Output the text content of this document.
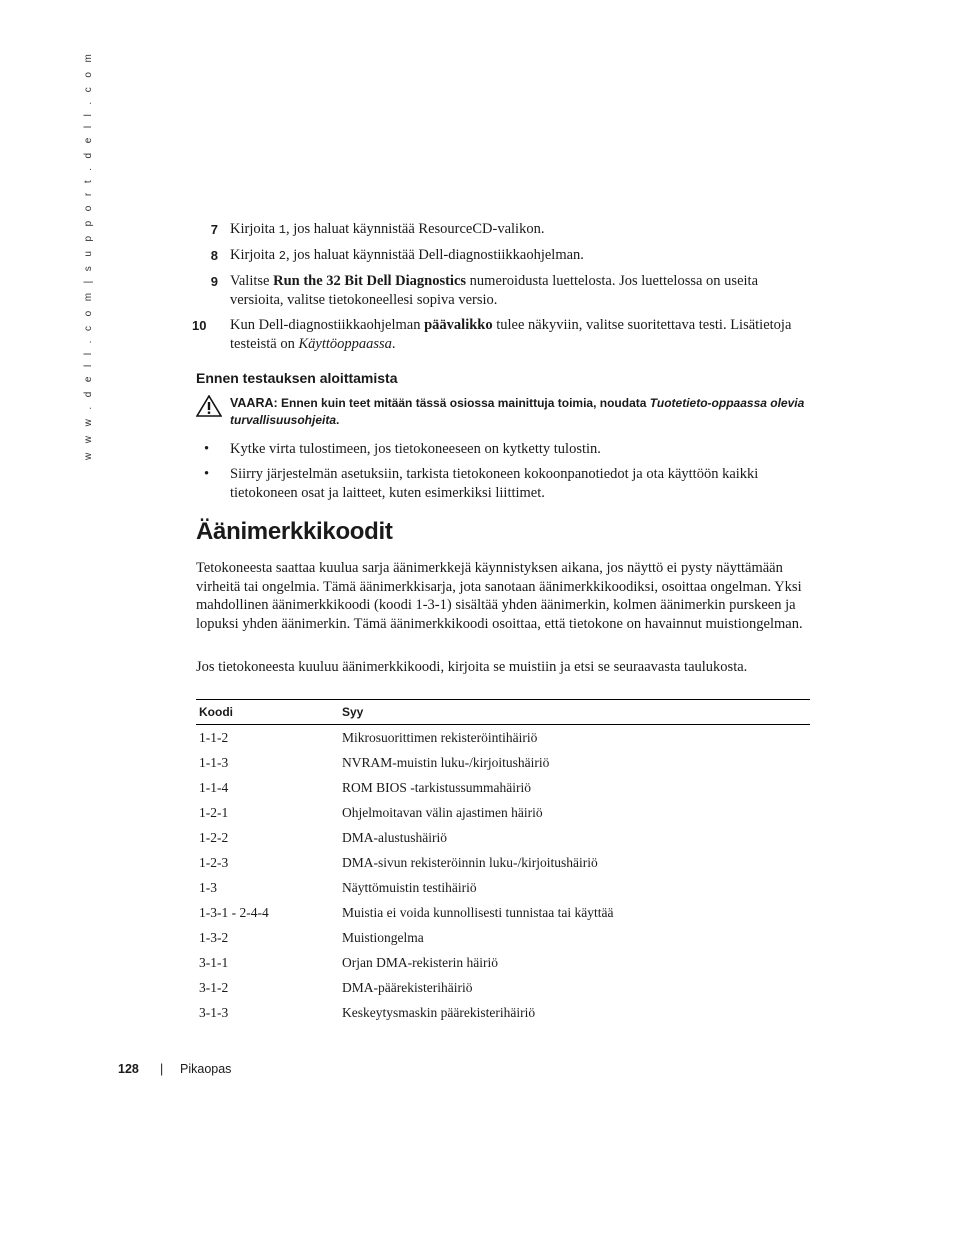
w w w . d e l l . c o m | s u p p o r t . d e l l . c o m	7 Kirjoita 1, jos haluat käynnistää ResourceCD-valikon.
8 Kirjoita 2, jos haluat käynnistää Dell-diagnostiikkaohjelman.
9 Valitse Run the 32 Bit Dell Diagnostics numeroidusta luettelosta. Jos luettelossa on useita versioita, valitse tietokoneellesi sopiva versio.
10	Kun Dell-diagnostiikkaohjelman päävalikko tulee näkyviin, valitse suoritettava testi. Lisätietoja testeistä on Käyttöoppaassa.
Ennen testauksen aloittamista
VAARA: Ennen kuin teet mitään tässä osiossa mainittuja toimia, noudata Tuotetieto-oppaassa olevia turvallisuusohjeita.
• Kytke virta tulostimeen, jos tietokoneeseen on kytketty tulostin.
• Siirry järjestelmän asetuksiin, tarkista tietokoneen kokoonpanotiedot ja ota käyttöön kaikki tietokoneen osat ja laitteet, kuten esimerkiksi liittimet.
Äänimerkkikoodit
Tetokoneesta saattaa kuulua sarja äänimerkkejä käynnistyksen aikana, jos näyttö ei pysty näyttämään virheitä tai ongelmia. Tämä äänimerkkisarja, jota sanotaan äänimerkkikoodiksi, osoittaa ongelman. Yksi mahdollinen äänimerkkikoodi (koodi 1-3-1) sisältää yhden äänimerkin, kolmen äänimerkin purskeen ja lopuksi yhden äänimerkin. Tämä äänimerkkikoodi osoittaa, että tietokone on havainnut muistiongelman.
Jos tietokoneesta kuuluu äänimerkkikoodi, kirjoita se muistiin ja etsi se seuraavasta taulukosta.
Koodi	Syy
1-1-2	Mikrosuorittimen rekisteröintihäiriö
1-1-3	NVRAM-muistin luku-/kirjoitushäiriö
1-1-4	ROM BIOS -tarkistussummahäiriö
1-2-1	Ohjelmoitavan välin ajastimen häiriö
1-2-2	DMA-alustushäiriö
1-2-3	DMA-sivun rekisteröinnin luku-/kirjoitushäiriö
1-3	Näyttömuistin testihäiriö
1-3-1 - 2-4-4	Muistia ei voida kunnollisesti tunnistaa tai käyttää
1-3-2	Muistiongelma
3-1-1	Orjan DMA-rekisterin häiriö
3-1-2	DMA-päärekisterihäiriö
3-1-3	Keskeytysmaskin päärekisterihäiriö
128 | Pikaopas
